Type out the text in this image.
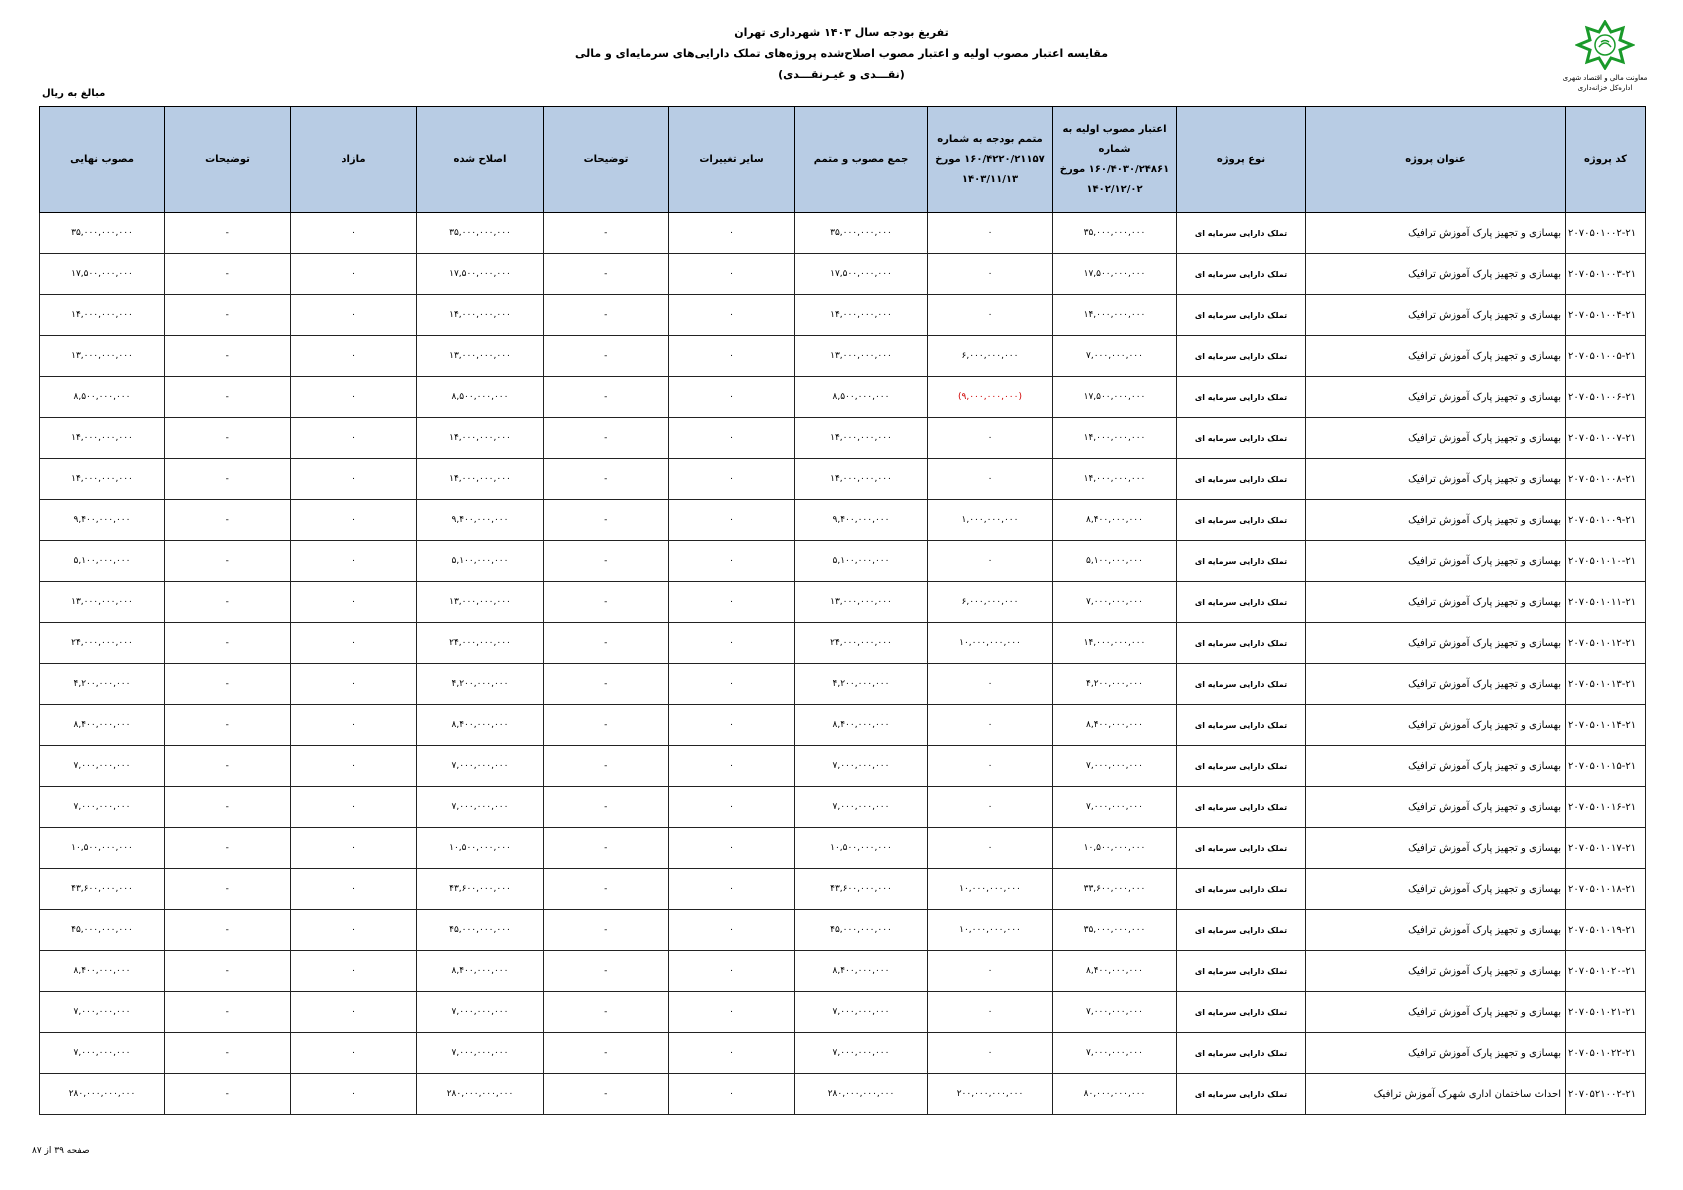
تفریغ بودجه سال ۱۴۰۳ شهرداری تهران
مقایسه اعتبار مصوب اولیه و اعتبار مصوب اصلاح‌شده پروژه‌های تملک دارایی‌های سرمایه‌ای و مالی
(نقـــدی و غیـرنقـــدی)	معاونت مالی و اقتصاد شهری
اداره‌کل خزانه‌داری
مبالغ به ریال
کد پروژه	عنوان پروژه	نوع پروژه	اعتبار مصوب اولیه به شماره ۱۶۰/۴۰۳۰/۲۴۸۶۱ مورخ ۱۴۰۲/۱۲/۰۲	متمم بودجه به شماره ۱۶۰/۴۲۲۰/۲۱۱۵۷ مورخ ۱۴۰۳/۱۱/۱۳	جمع مصوب و متمم	سایر تغییرات	توضیحات	اصلاح شده	مازاد	توضیحات	مصوب نهایی
۲۰۷۰۵۰۱۰۰۲-۲۱	بهسازی و تجهیز پارک آموزش ترافیک	تملک دارایی سرمایه ای	۳۵,۰۰۰,۰۰۰,۰۰۰	۰	۳۵,۰۰۰,۰۰۰,۰۰۰	۰	-	۳۵,۰۰۰,۰۰۰,۰۰۰	۰	-	۳۵,۰۰۰,۰۰۰,۰۰۰
۲۰۷۰۵۰۱۰۰۳-۲۱	بهسازی و تجهیز پارک آموزش ترافیک	تملک دارایی سرمایه ای	۱۷,۵۰۰,۰۰۰,۰۰۰	۰	۱۷,۵۰۰,۰۰۰,۰۰۰	۰	-	۱۷,۵۰۰,۰۰۰,۰۰۰	۰	-	۱۷,۵۰۰,۰۰۰,۰۰۰
۲۰۷۰۵۰۱۰۰۴-۲۱	بهسازی و تجهیز پارک آموزش ترافیک	تملک دارایی سرمایه ای	۱۴,۰۰۰,۰۰۰,۰۰۰	۰	۱۴,۰۰۰,۰۰۰,۰۰۰	۰	-	۱۴,۰۰۰,۰۰۰,۰۰۰	۰	-	۱۴,۰۰۰,۰۰۰,۰۰۰
۲۰۷۰۵۰۱۰۰۵-۲۱	بهسازی و تجهیز پارک آموزش ترافیک	تملک دارایی سرمایه ای	۷,۰۰۰,۰۰۰,۰۰۰	۶,۰۰۰,۰۰۰,۰۰۰	۱۳,۰۰۰,۰۰۰,۰۰۰	۰	-	۱۳,۰۰۰,۰۰۰,۰۰۰	۰	-	۱۳,۰۰۰,۰۰۰,۰۰۰
۲۰۷۰۵۰۱۰۰۶-۲۱	بهسازی و تجهیز پارک آموزش ترافیک	تملک دارایی سرمایه ای	۱۷,۵۰۰,۰۰۰,۰۰۰	(۹,۰۰۰,۰۰۰,۰۰۰)	۸,۵۰۰,۰۰۰,۰۰۰	۰	-	۸,۵۰۰,۰۰۰,۰۰۰	۰	-	۸,۵۰۰,۰۰۰,۰۰۰
۲۰۷۰۵۰۱۰۰۷-۲۱	بهسازی و تجهیز پارک آموزش ترافیک	تملک دارایی سرمایه ای	۱۴,۰۰۰,۰۰۰,۰۰۰	۰	۱۴,۰۰۰,۰۰۰,۰۰۰	۰	-	۱۴,۰۰۰,۰۰۰,۰۰۰	۰	-	۱۴,۰۰۰,۰۰۰,۰۰۰
۲۰۷۰۵۰۱۰۰۸-۲۱	بهسازی و تجهیز پارک آموزش ترافیک	تملک دارایی سرمایه ای	۱۴,۰۰۰,۰۰۰,۰۰۰	۰	۱۴,۰۰۰,۰۰۰,۰۰۰	۰	-	۱۴,۰۰۰,۰۰۰,۰۰۰	۰	-	۱۴,۰۰۰,۰۰۰,۰۰۰
۲۰۷۰۵۰۱۰۰۹-۲۱	بهسازی و تجهیز پارک آموزش ترافیک	تملک دارایی سرمایه ای	۸,۴۰۰,۰۰۰,۰۰۰	۱,۰۰۰,۰۰۰,۰۰۰	۹,۴۰۰,۰۰۰,۰۰۰	۰	-	۹,۴۰۰,۰۰۰,۰۰۰	۰	-	۹,۴۰۰,۰۰۰,۰۰۰
۲۰۷۰۵۰۱۰۱۰-۲۱	بهسازی و تجهیز پارک آموزش ترافیک	تملک دارایی سرمایه ای	۵,۱۰۰,۰۰۰,۰۰۰	۰	۵,۱۰۰,۰۰۰,۰۰۰	۰	-	۵,۱۰۰,۰۰۰,۰۰۰	۰	-	۵,۱۰۰,۰۰۰,۰۰۰
۲۰۷۰۵۰۱۰۱۱-۲۱	بهسازی و تجهیز پارک آموزش ترافیک	تملک دارایی سرمایه ای	۷,۰۰۰,۰۰۰,۰۰۰	۶,۰۰۰,۰۰۰,۰۰۰	۱۳,۰۰۰,۰۰۰,۰۰۰	۰	-	۱۳,۰۰۰,۰۰۰,۰۰۰	۰	-	۱۳,۰۰۰,۰۰۰,۰۰۰
۲۰۷۰۵۰۱۰۱۲-۲۱	بهسازی و تجهیز پارک آموزش ترافیک	تملک دارایی سرمایه ای	۱۴,۰۰۰,۰۰۰,۰۰۰	۱۰,۰۰۰,۰۰۰,۰۰۰	۲۴,۰۰۰,۰۰۰,۰۰۰	۰	-	۲۴,۰۰۰,۰۰۰,۰۰۰	۰	-	۲۴,۰۰۰,۰۰۰,۰۰۰
۲۰۷۰۵۰۱۰۱۳-۲۱	بهسازی و تجهیز پارک آموزش ترافیک	تملک دارایی سرمایه ای	۴,۲۰۰,۰۰۰,۰۰۰	۰	۴,۲۰۰,۰۰۰,۰۰۰	۰	-	۴,۲۰۰,۰۰۰,۰۰۰	۰	-	۴,۲۰۰,۰۰۰,۰۰۰
۲۰۷۰۵۰۱۰۱۴-۲۱	بهسازی و تجهیز پارک آموزش ترافیک	تملک دارایی سرمایه ای	۸,۴۰۰,۰۰۰,۰۰۰	۰	۸,۴۰۰,۰۰۰,۰۰۰	۰	-	۸,۴۰۰,۰۰۰,۰۰۰	۰	-	۸,۴۰۰,۰۰۰,۰۰۰
۲۰۷۰۵۰۱۰۱۵-۲۱	بهسازی و تجهیز پارک آموزش ترافیک	تملک دارایی سرمایه ای	۷,۰۰۰,۰۰۰,۰۰۰	۰	۷,۰۰۰,۰۰۰,۰۰۰	۰	-	۷,۰۰۰,۰۰۰,۰۰۰	۰	-	۷,۰۰۰,۰۰۰,۰۰۰
۲۰۷۰۵۰۱۰۱۶-۲۱	بهسازی و تجهیز پارک آموزش ترافیک	تملک دارایی سرمایه ای	۷,۰۰۰,۰۰۰,۰۰۰	۰	۷,۰۰۰,۰۰۰,۰۰۰	۰	-	۷,۰۰۰,۰۰۰,۰۰۰	۰	-	۷,۰۰۰,۰۰۰,۰۰۰
۲۰۷۰۵۰۱۰۱۷-۲۱	بهسازی و تجهیز پارک آموزش ترافیک	تملک دارایی سرمایه ای	۱۰,۵۰۰,۰۰۰,۰۰۰	۰	۱۰,۵۰۰,۰۰۰,۰۰۰	۰	-	۱۰,۵۰۰,۰۰۰,۰۰۰	۰	-	۱۰,۵۰۰,۰۰۰,۰۰۰
۲۰۷۰۵۰۱۰۱۸-۲۱	بهسازی و تجهیز پارک آموزش ترافیک	تملک دارایی سرمایه ای	۳۳,۶۰۰,۰۰۰,۰۰۰	۱۰,۰۰۰,۰۰۰,۰۰۰	۴۳,۶۰۰,۰۰۰,۰۰۰	۰	-	۴۳,۶۰۰,۰۰۰,۰۰۰	۰	-	۴۳,۶۰۰,۰۰۰,۰۰۰
۲۰۷۰۵۰۱۰۱۹-۲۱	بهسازی و تجهیز پارک آموزش ترافیک	تملک دارایی سرمایه ای	۳۵,۰۰۰,۰۰۰,۰۰۰	۱۰,۰۰۰,۰۰۰,۰۰۰	۴۵,۰۰۰,۰۰۰,۰۰۰	۰	-	۴۵,۰۰۰,۰۰۰,۰۰۰	۰	-	۴۵,۰۰۰,۰۰۰,۰۰۰
۲۰۷۰۵۰۱۰۲۰-۲۱	بهسازی و تجهیز پارک آموزش ترافیک	تملک دارایی سرمایه ای	۸,۴۰۰,۰۰۰,۰۰۰	۰	۸,۴۰۰,۰۰۰,۰۰۰	۰	-	۸,۴۰۰,۰۰۰,۰۰۰	۰	-	۸,۴۰۰,۰۰۰,۰۰۰
۲۰۷۰۵۰۱۰۲۱-۲۱	بهسازی و تجهیز پارک آموزش ترافیک	تملک دارایی سرمایه ای	۷,۰۰۰,۰۰۰,۰۰۰	۰	۷,۰۰۰,۰۰۰,۰۰۰	۰	-	۷,۰۰۰,۰۰۰,۰۰۰	۰	-	۷,۰۰۰,۰۰۰,۰۰۰
۲۰۷۰۵۰۱۰۲۲-۲۱	بهسازی و تجهیز پارک آموزش ترافیک	تملک دارایی سرمایه ای	۷,۰۰۰,۰۰۰,۰۰۰	۰	۷,۰۰۰,۰۰۰,۰۰۰	۰	-	۷,۰۰۰,۰۰۰,۰۰۰	۰	-	۷,۰۰۰,۰۰۰,۰۰۰
۲۰۷۰۵۲۱۰۰۲-۲۱	احداث ساختمان اداری شهرک آموزش ترافیک	تملک دارایی سرمایه ای	۸۰,۰۰۰,۰۰۰,۰۰۰	۲۰۰,۰۰۰,۰۰۰,۰۰۰	۲۸۰,۰۰۰,۰۰۰,۰۰۰	۰	-	۲۸۰,۰۰۰,۰۰۰,۰۰۰	۰	-	۲۸۰,۰۰۰,۰۰۰,۰۰۰
صفحه ۳۹ از ۸۷
